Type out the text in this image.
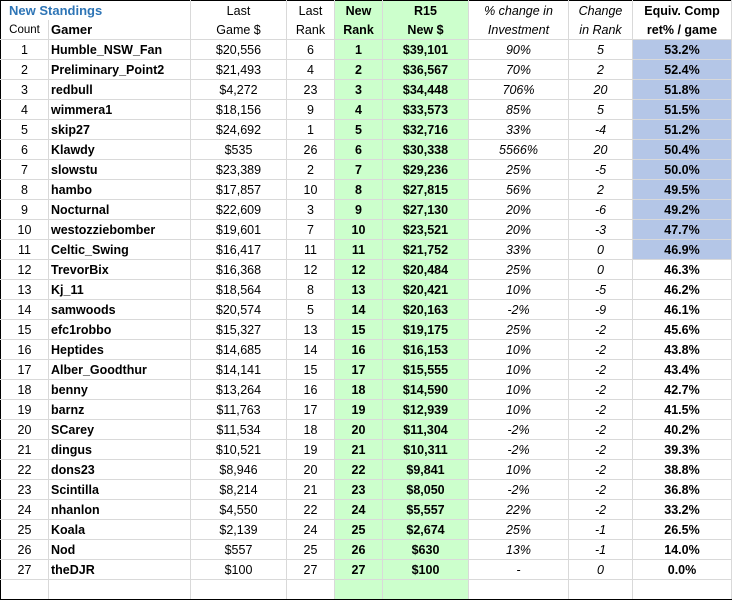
New Standings		Last	Last	New	R15	% change in	Change	Equiv. Comp
Count	Gamer	Game $	Rank	Rank	New $	Investment	in Rank	ret% / game
1	Humble_NSW_Fan	$20,556	6	1	$39,101	90%	5	53.2%
2	Preliminary_Point2	$21,493	4	2	$36,567	70%	2	52.4%
3	redbull	$4,272	23	3	$34,448	706%	20	51.8%
4	wimmera1	$18,156	9	4	$33,573	85%	5	51.5%
5	skip27	$24,692	1	5	$32,716	33%	-4	51.2%
6	Klawdy	$535	26	6	$30,338	5566%	20	50.4%
7	slowstu	$23,389	2	7	$29,236	25%	-5	50.0%
8	hambo	$17,857	10	8	$27,815	56%	2	49.5%
9	Nocturnal	$22,609	3	9	$27,130	20%	-6	49.2%
10	westozziebomber	$19,601	7	10	$23,521	20%	-3	47.7%
11	Celtic_Swing	$16,417	11	11	$21,752	33%	0	46.9%
12	TrevorBix	$16,368	12	12	$20,484	25%	0	46.3%
13	Kj_11	$18,564	8	13	$20,421	10%	-5	46.2%
14	samwoods	$20,574	5	14	$20,163	-2%	-9	46.1%
15	efc1robbo	$15,327	13	15	$19,175	25%	-2	45.6%
16	Heptides	$14,685	14	16	$16,153	10%	-2	43.8%
17	Alber_Goodthur	$14,141	15	17	$15,555	10%	-2	43.4%
18	benny	$13,264	16	18	$14,590	10%	-2	42.7%
19	barnz	$11,763	17	19	$12,939	10%	-2	41.5%
20	SCarey	$11,534	18	20	$11,304	-2%	-2	40.2%
21	dingus	$10,521	19	21	$10,311	-2%	-2	39.3%
22	dons23	$8,946	20	22	$9,841	10%	-2	38.8%
23	Scintilla	$8,214	21	23	$8,050	-2%	-2	36.8%
24	nhanlon	$4,550	22	24	$5,557	22%	-2	33.2%
25	Koala	$2,139	24	25	$2,674	25%	-1	26.5%
26	Nod	$557	25	26	$630	13%	-1	14.0%
27	theDJR	$100	27	27	$100	-	0	0.0%
